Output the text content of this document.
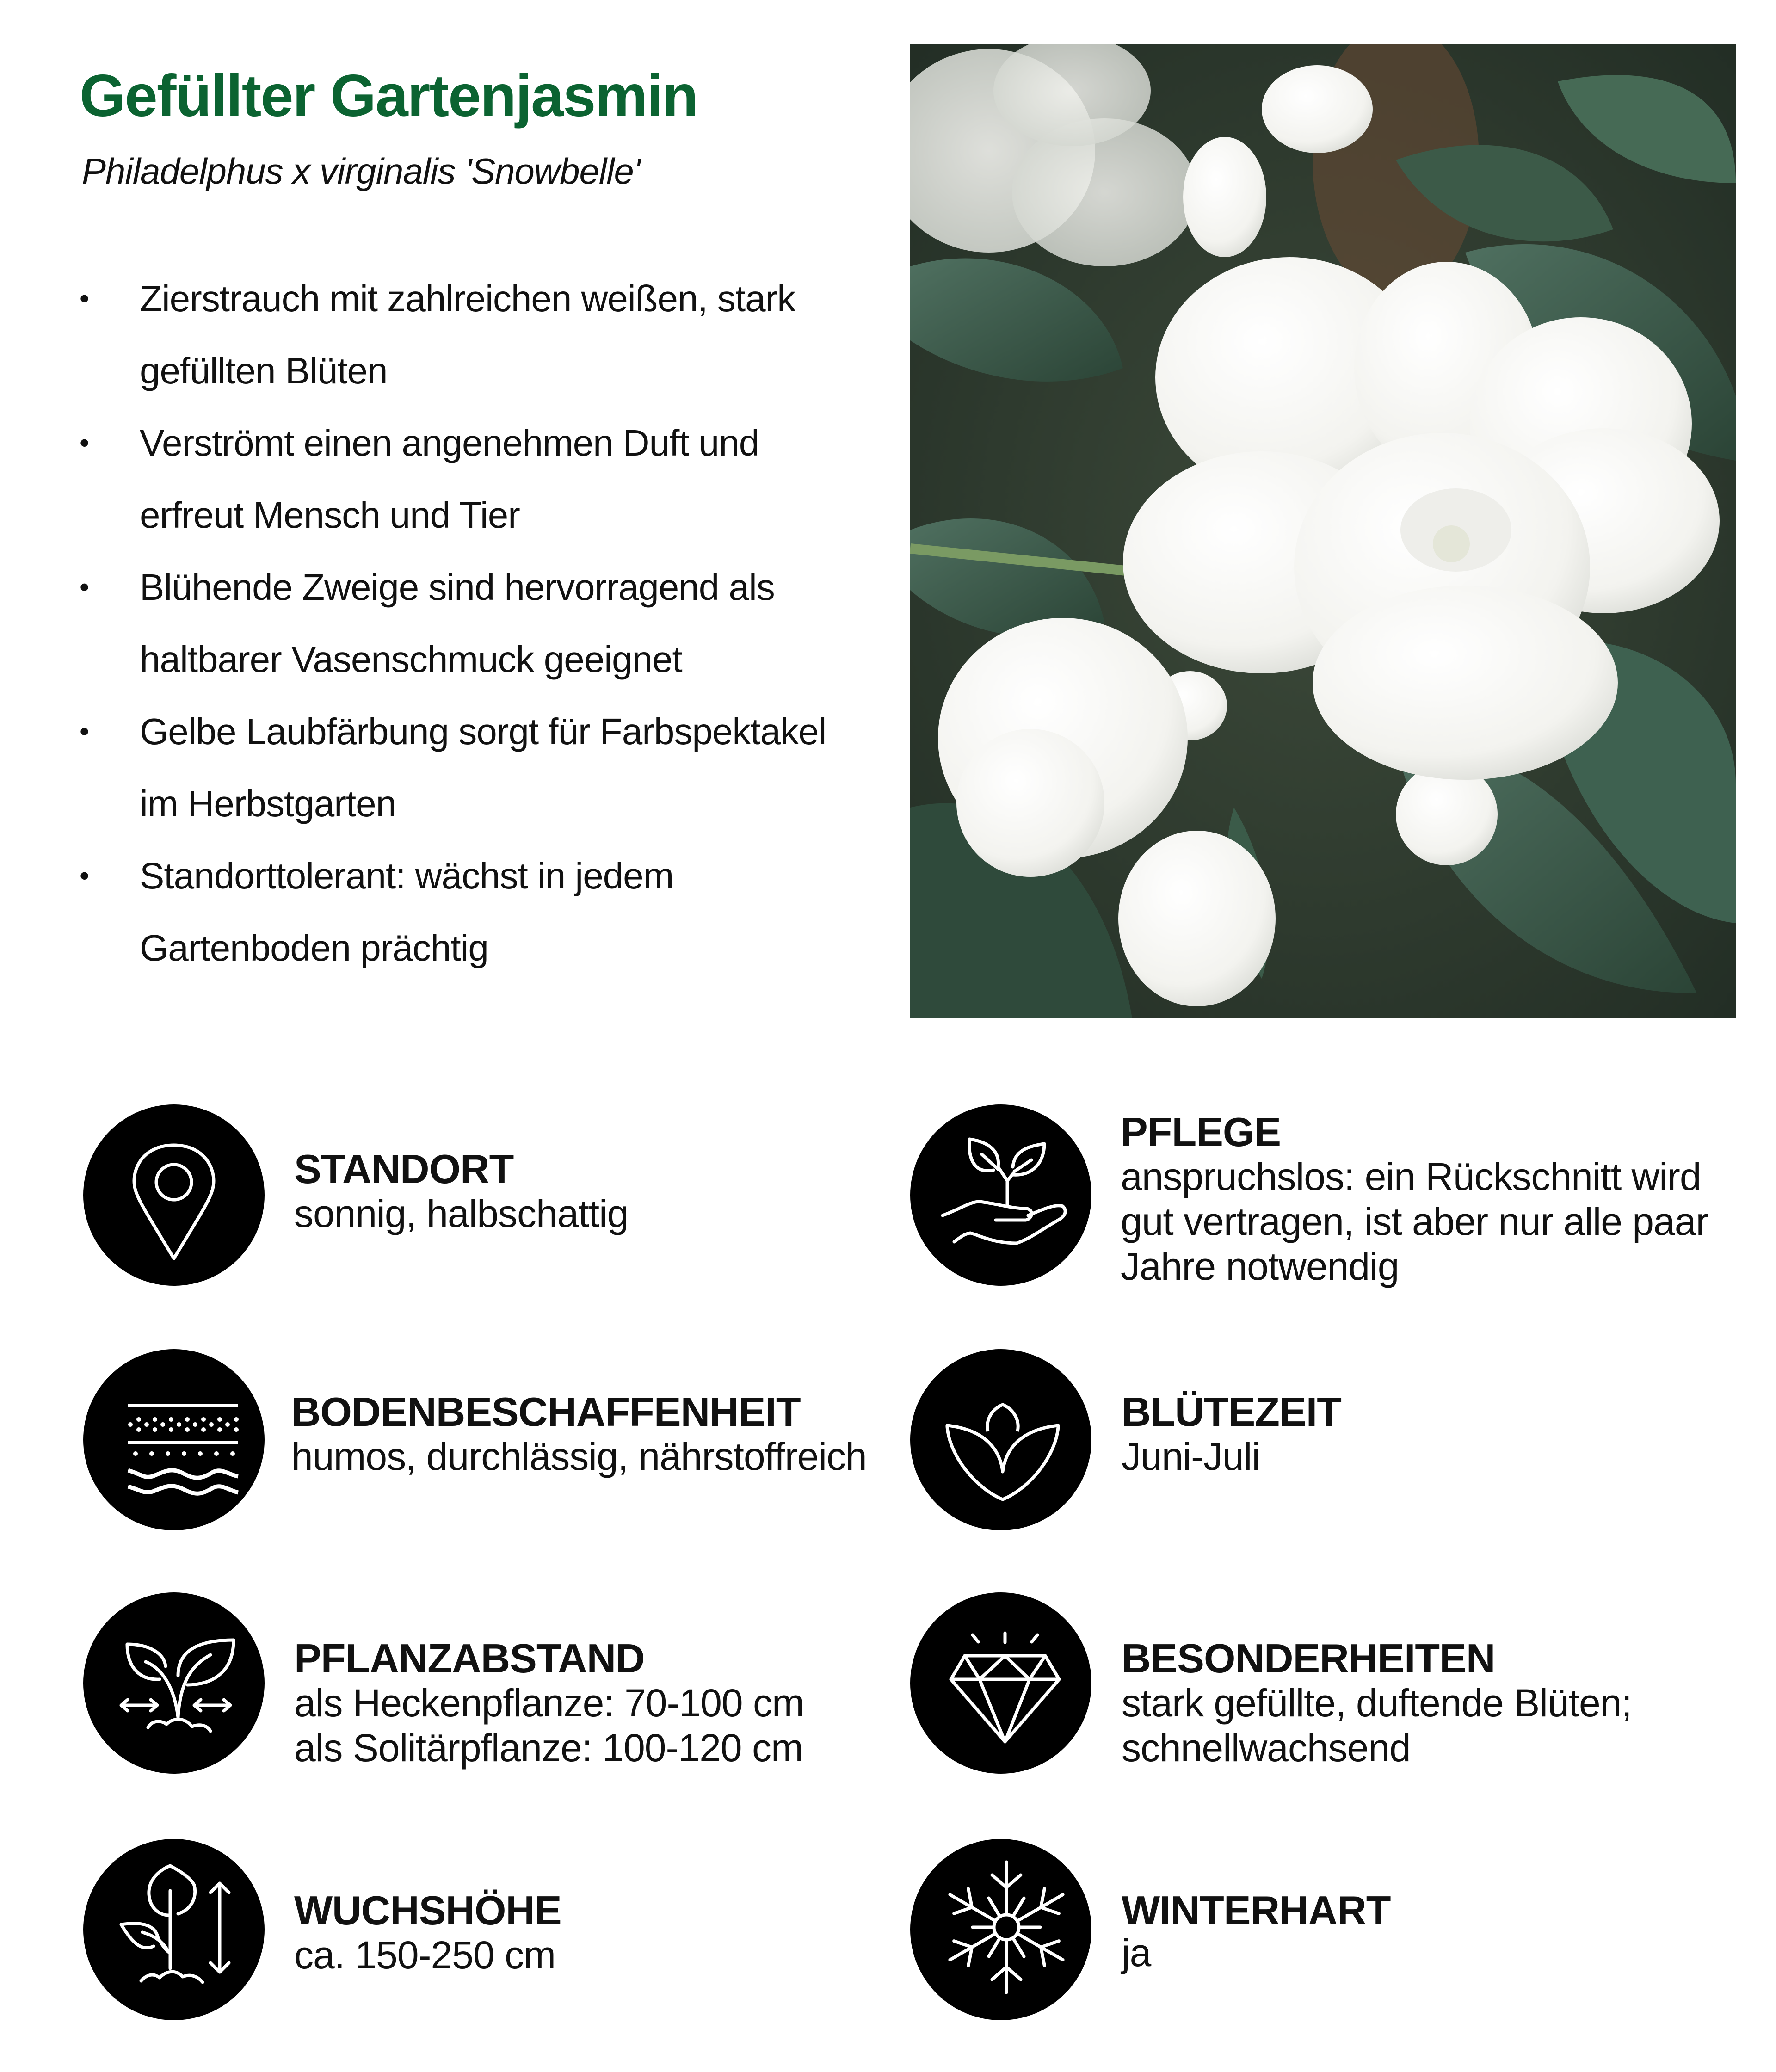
Gefüllter Gartenjasmin
Philadelphus x virginalis 'Snowbelle'
• Zierstrauch mit zahlreichen weißen, stark
gefüllten Blüten
• Verströmt einen angenehmen Duft und
erfreut Mensch und Tier
• Blühende Zweige sind hervorragend als
haltbarer Vasenschmuck geeignet
• Gelbe Laubfärbung sorgt für Farbspektakel
im Herbstgarten
• Standorttolerant: wächst in jedem
Gartenboden prächtig
STANDORT
sonnig, halbschattig
BODENBESCHAFFENHEIT
humos, durchlässig, nährstoffreich
PFLANZABSTAND
als Heckenpflanze: 70-100 cm
als Solitärpflanze: 100-120 cm
WUCHSHÖHE
ca. 150-250 cm
PFLEGE
anspruchslos: ein Rückschnitt wird
gut vertragen, ist aber nur alle paar
Jahre notwendig
BLÜTEZEIT
Juni-Juli
BESONDERHEITEN
stark gefüllte, duftende Blüten;
schnellwachsend
WINTERHART
ja
